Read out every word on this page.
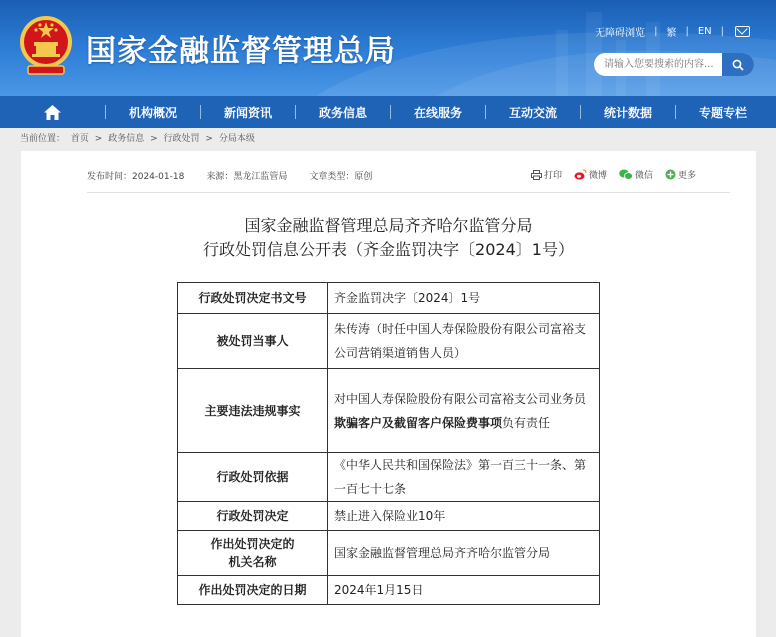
国家金融监督管理总局
无障碍浏览 | 繁 | EN |
请输入您要搜索的内容...
机构概况	新闻资讯	政务信息	在线服务	互动交流	统计数据	专题专栏
当前位置： 首页 > 政务信息 > 行政处罚 > 分局本级
发布时间：2024-01-18 来源：黑龙江监管局 文章类型：原创	打印	微博	微信	更多
国家金融监督管理总局齐齐哈尔监管分局
行政处罚信息公开表（齐金监罚决字〔2024〕1号）
行政处罚决定书文号	齐金监罚决字〔2024〕1号
被处罚当事人	朱传涛（时任中国人寿保险股份有限公司富裕支公司营销渠道销售人员）
主要违法违规事实	对中国人寿保险股份有限公司富裕支公司业务员欺骗客户及截留客户保险费事项负有责任
行政处罚依据	《中华人民共和国保险法》第一百三十一条、第一百七十七条
行政处罚决定	禁止进入保险业10年
作出处罚决定的
机关名称	国家金融监督管理总局齐齐哈尔监管分局
作出处罚决定的日期	2024年1月15日
